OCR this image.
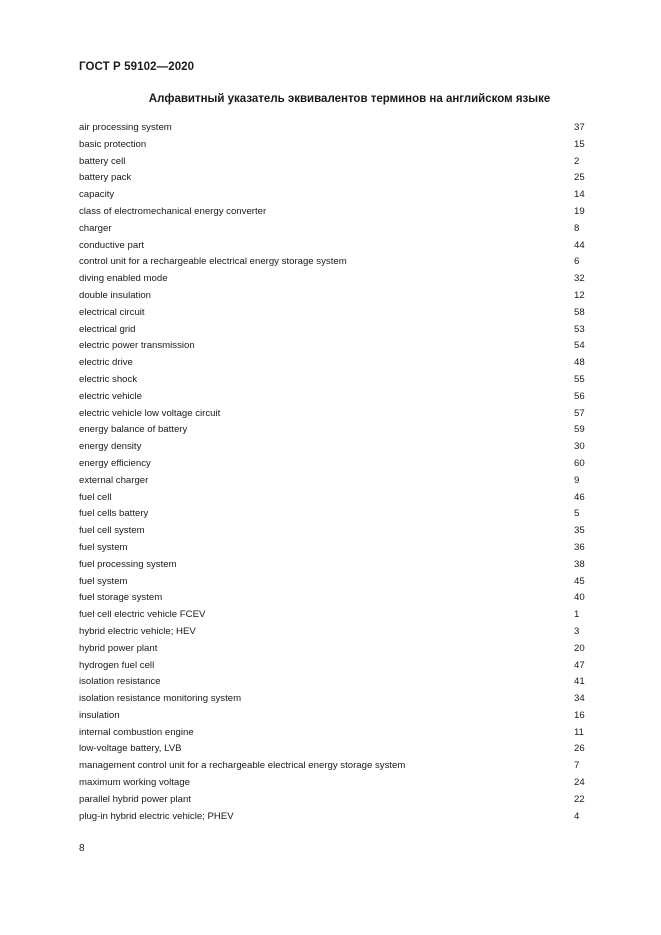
ГОСТ Р 59102—2020
Алфавитный указатель эквивалентов терминов на английском языке
air processing system	37
basic protection	15
battery cell	2
battery pack	25
capacity	14
class of electromechanical energy converter	19
charger	8
conductive part	44
control unit for a rechargeable electrical energy storage system	6
diving enabled mode	32
double insulation	12
electrical circuit	58
electrical grid	53
electric power transmission	54
electric drive	48
electric shock	55
electric vehicle	56
electric vehicle low voltage circuit	57
energy balance of battery	59
energy density	30
energy efficiency	60
external charger	9
fuel cell	46
fuel cells battery	5
fuel cell system	35
fuel system	36
fuel processing system	38
fuel system	45
fuel storage system	40
fuel cell electric vehicle FCEV	1
hybrid electric vehicle; HEV	3
hybrid power plant	20
hydrogen fuel cell	47
isolation resistance	41
isolation resistance monitoring system	34
insulation	16
internal combustion engine	11
low-voltage battery, LVB	26
management control unit for a rechargeable electrical energy storage system	7
maximum working voltage	24
parallel hybrid power plant	22
plug-in hybrid electric vehicle; PHEV	4
8
